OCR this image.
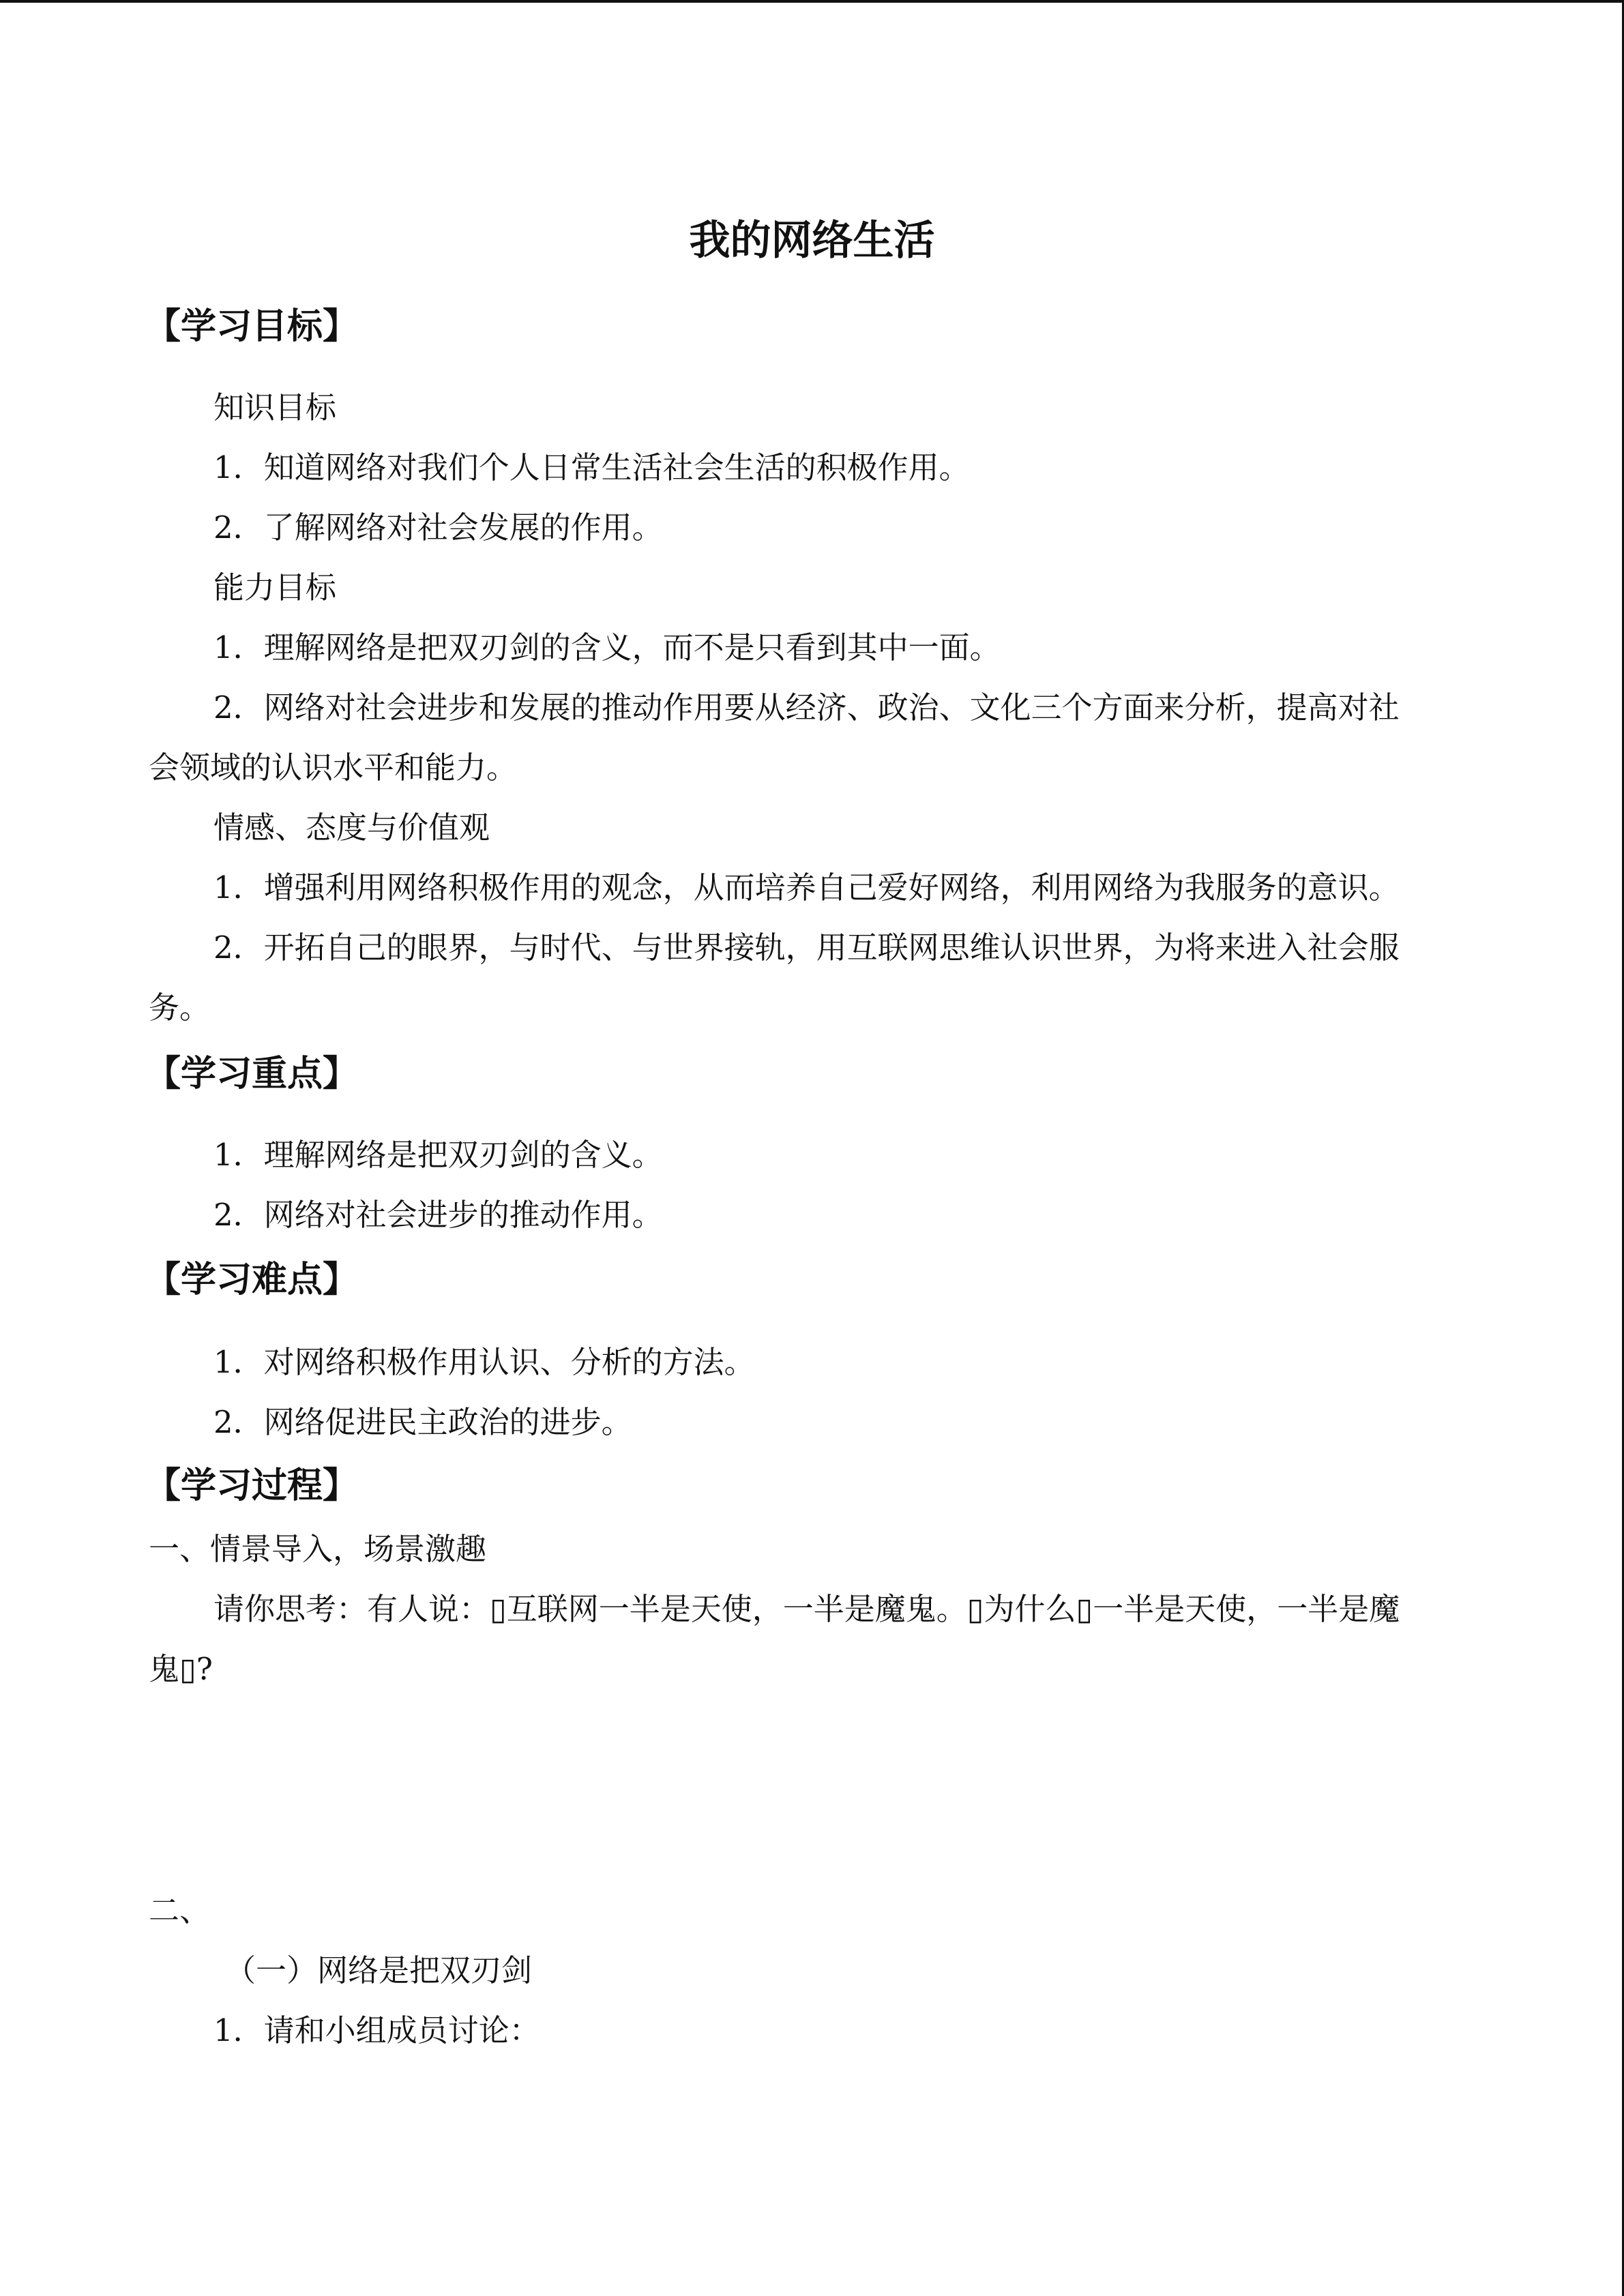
我的网络生活
【学习目标】
知识目标
1．知道网络对我们个人日常生活社会生活的积极作用。
2．了解网络对社会发展的作用。
能力目标
1．理解网络是把双刃剑的含义，而不是只看到其中一面。
2．网络对社会进步和发展的推动作用要从经济、政治、文化三个方面来分析，提高对社
会领域的认识水平和能力。
情感、态度与价值观
1．增强利用网络积极作用的观念，从而培养自己爱好网络，利用网络为我服务的意识。
2．开拓自己的眼界，与时代、与世界接轨，用互联网思维认识世界，为将来进入社会服
务。
【学习重点】
1．理解网络是把双刃剑的含义。
2．网络对社会进步的推动作用。
【学习难点】
1．对网络积极作用认识、分析的方法。
2．网络促进民主政治的进步。
【学习过程】
一、情景导入，场景激趣
请你思考：有人说：▯互联网一半是天使，一半是魔鬼。▯为什么▯一半是天使，一半是魔
鬼▯?
二、
（一）网络是把双刃剑
1．请和小组成员讨论：
